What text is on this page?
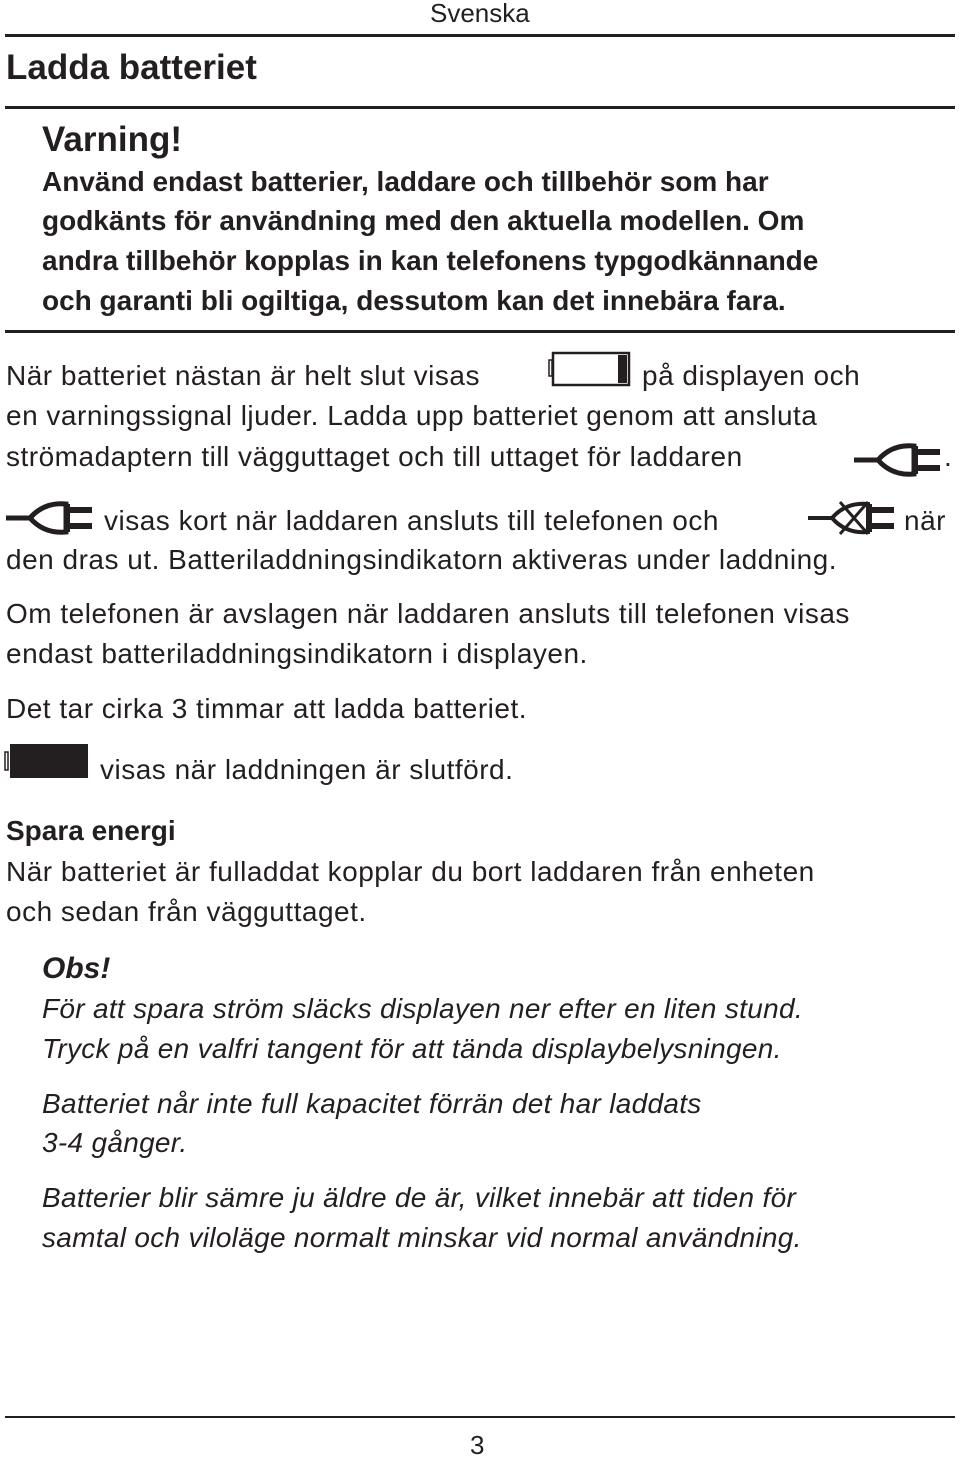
Svenska
Ladda batteriet
Varning!
Använd endast batterier, laddare och tillbehör som har
godkänts för användning med den aktuella modellen. Om
andra tillbehör kopplas in kan telefonens typgodkännande
och garanti bli ogiltiga, dessutom kan det innebära fara.
När batteriet nästan är helt slut visas	på displayen och
en varningssignal ljuder. Ladda upp batteriet genom att ansluta
strömadaptern till vägguttaget och till uttaget för laddaren	.
visas kort när laddaren ansluts till telefonen och	när
den dras ut. Batteriladdningsindikatorn aktiveras under laddning.
Om telefonen är avslagen när laddaren ansluts till telefonen visas
endast batteriladdningsindikatorn i displayen.
Det tar cirka 3 timmar att ladda batteriet.
visas när laddningen är slutförd.
Spara energi
När batteriet är fulladdat kopplar du bort laddaren från enheten
och sedan från vägguttaget.
Obs!
För att spara ström släcks displayen ner efter en liten stund.
Tryck på en valfri tangent för att tända displaybelysningen.
Batteriet når inte full kapacitet förrän det har laddats
3-4 gånger.
Batterier blir sämre ju äldre de är, vilket innebär att tiden för
samtal och viloläge normalt minskar vid normal användning.
3
